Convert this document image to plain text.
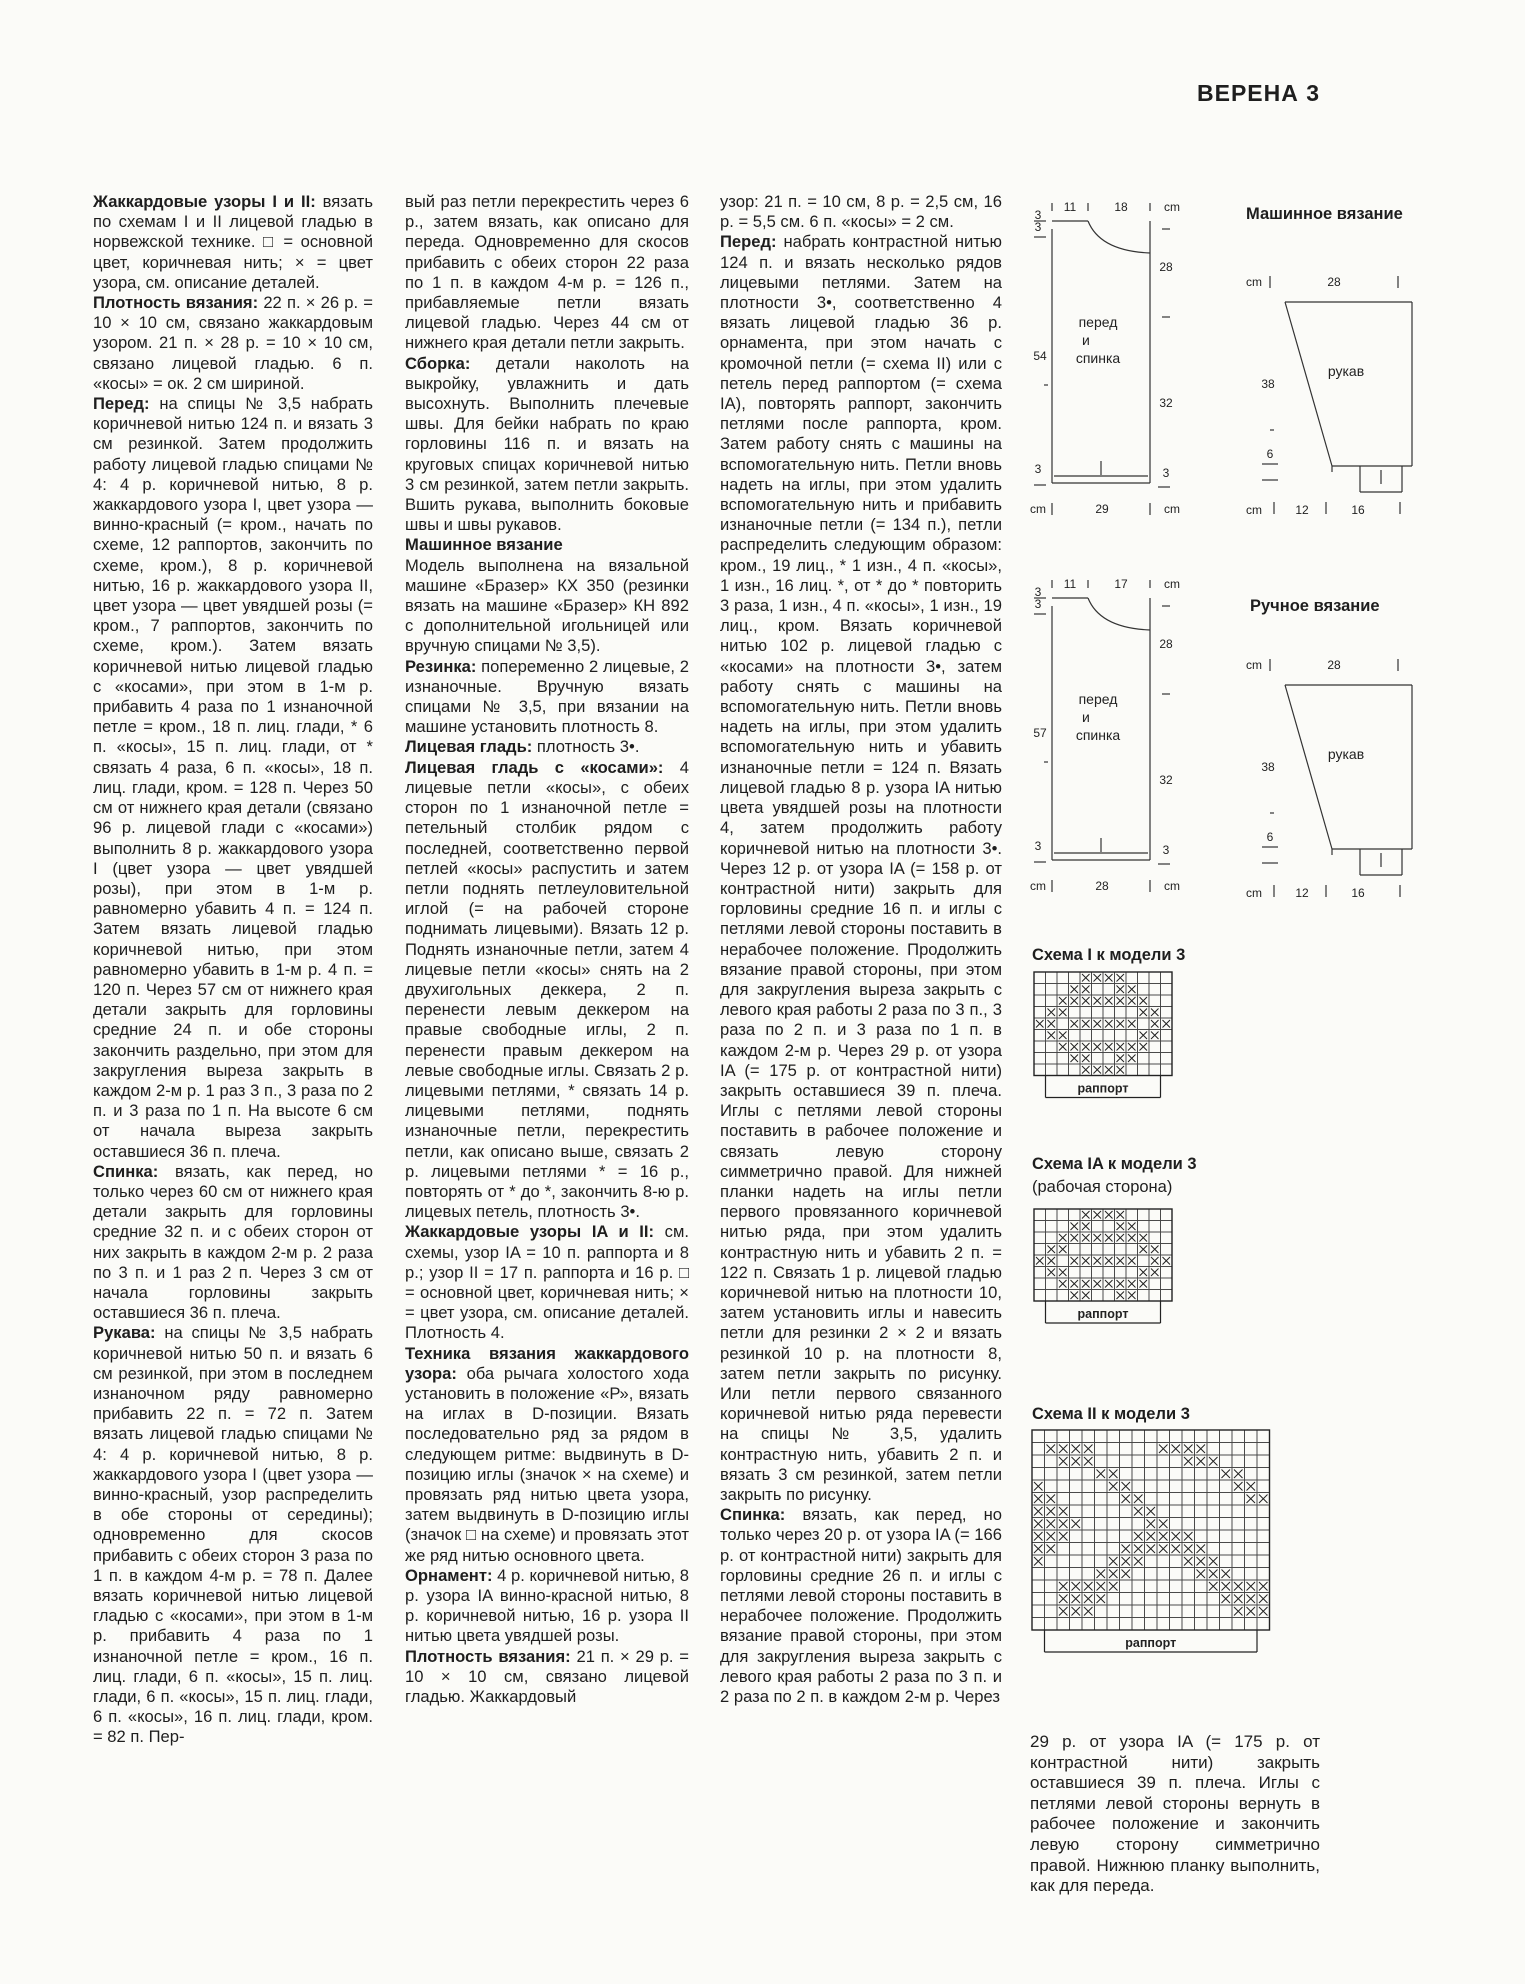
ВЕРЕНА 3

Жаккардовые узоры I и II: вязать по схемам I и II лицевой гладью в норвежской технике. □ = основной цвет, коричневая нить; × = цвет узора, см. описание деталей.

Плотность вязания: 22 п. × 26 р. = 10 × 10 см, связано жаккардовым узором. 21 п. × 28 р. = 10 × 10 см, связано лицевой гладью. 6 п. «косы» = ок. 2 см шириной.

Перед: на спицы № 3,5 набрать коричневой нитью 124 п. и вязать 3 см резинкой. Затем продолжить работу лицевой гладью спицами № 4: 4 р. коричневой нитью, 8 р. жаккардового узора I, цвет узора — винно-красный (= кром., начать по схеме, 12 раппортов, закончить по схеме, кром.), 8 р. коричневой нитью, 16 р. жаккардового узора II, цвет узора — цвет увядшей розы (= кром., 7 раппортов, закончить по схеме, кром.). Затем вязать коричневой нитью лицевой гладью с «косами», при этом в 1-м р. прибавить 4 раза по 1 изнаночной петле = кром., 18 п. лиц. глади, * 6 п. «косы», 15 п. лиц. глади, от * связать 4 раза, 6 п. «косы», 18 п. лиц. глади, кром. = 128 п. Через 50 см от нижнего края детали (связано 96 р. лицевой глади с «косами») выполнить 8 р. жаккардового узора I (цвет узора — цвет увядшей розы), при этом в 1-м р. равномерно убавить 4 п. = 124 п. Затем вязать лицевой гладью коричневой нитью, при этом равномерно убавить в 1-м р. 4 п. = 120 п. Через 57 см от нижнего края детали закрыть для горловины средние 24 п. и обе стороны закончить раздельно, при этом для закругления выреза закрыть в каждом 2-м р. 1 раз 3 п., 3 раза по 2 п. и 3 раза по 1 п. На высоте 6 см от начала выреза закрыть оставшиеся 36 п. плеча.

Спинка: вязать, как перед, но только через 60 см от нижнего края детали закрыть для горловины средние 32 п. и с обеих сторон от них закрыть в каждом 2-м р. 2 раза по 3 п. и 1 раз 2 п. Через 3 см от начала горловины закрыть оставшиеся 36 п. плеча.

Рукава: на спицы № 3,5 набрать коричневой нитью 50 п. и вязать 6 см резинкой, при этом в последнем изнаночном ряду равномерно прибавить 22 п. = 72 п. Затем вязать лицевой гладью спицами № 4: 4 р. коричневой нитью, 8 р. жаккардового узора I (цвет узора — винно-красный, узор распределить в обе стороны от середины); одновременно для скосов прибавить с обеих сторон 3 раза по 1 п. в каждом 4-м р. = 78 п. Далее вязать коричневой нитью лицевой гладью с «косами», при этом в 1-м р. прибавить 4 раза по 1 изнаночной петле = кром., 16 п. лиц. глади, 6 п. «косы», 15 п. лиц. глади, 6 п. «косы», 15 п. лиц. глади, 6 п. «косы», 16 п. лиц. глади, кром. = 82 п. Пер-

вый раз петли перекрестить через 6 р., затем вязать, как описано для переда. Одновременно для скосов прибавить с обеих сторон 22 раза по 1 п. в каждом 4-м р. = 126 п., прибавляемые петли вязать лицевой гладью. Через 44 см от нижнего края детали петли закрыть.

Сборка: детали наколоть на выкройку, увлажнить и дать высохнуть. Выполнить плечевые швы. Для бейки набрать по краю горловины 116 п. и вязать на круговых спицах коричневой нитью 3 см резинкой, затем петли закрыть. Вшить рукава, выполнить боковые швы и швы рукавов.

Машинное вязание

Модель выполнена на вязальной машине «Бразер» КХ 350 (резинки вязать на машине «Бразер» КН 892 с дополнительной игольницей или вручную спицами № 3,5).

Резинка: попеременно 2 лицевые, 2 изнаночные. Вручную вязать спицами № 3,5, при вязании на машине установить плотность 8.

Лицевая гладь: плотность 3•.

Лицевая гладь с «косами»: 4 лицевые петли «косы», с обеих сторон по 1 изнаночной петле = петельный столбик рядом с последней, соответственно первой петлей «косы» распустить и затем петли поднять петлеуловительной иглой (= на рабочей стороне поднимать лицевыми). Вязать 12 р. Поднять изнаночные петли, затем 4 лицевые петли «косы» снять на 2 двухигольных деккера, 2 п. перенести левым деккером на правые свободные иглы, 2 п. перенести правым деккером на левые свободные иглы. Связать 2 р. лицевыми петлями, * связать 14 р. лицевыми петлями, поднять изнаночные петли, перекрестить петли, как описано выше, связать 2 р. лицевыми петлями * = 16 р., повторять от * до *, закончить 8-ю р. лицевых петель, плотность 3•.

Жаккардовые узоры IA и II: см. схемы, узор IA = 10 п. раппорта и 8 р.; узор II = 17 п. раппорта и 16 р. □ = основной цвет, коричневая нить; × = цвет узора, см. описание деталей. Плотность 4.

Техника вязания жаккардового узора: оба рычага холостого хода установить в положение «Р», вязать на иглах в D-позиции. Вязать последовательно ряд за рядом в следующем ритме: выдвинуть в D-позицию иглы (значок × на схеме) и провязать ряд нитью цвета узора, затем выдвинуть в D-позицию иглы (значок □ на схеме) и провязать этот же ряд нитью основного цвета.

Орнамент: 4 р. коричневой нитью, 8 р. узора IA винно-красной нитью, 8 р. коричневой нитью, 16 р. узора II нитью цвета увядшей розы.

Плотность вязания: 21 п. × 29 р. = 10 × 10 см, связано лицевой гладью. Жаккардовый

узор: 21 п. = 10 см, 8 р. = 2,5 см, 16 р. = 5,5 см. 6 п. «косы» = 2 см.

Перед: набрать контрастной нитью 124 п. и вязать несколько рядов лицевыми петлями. Затем на плотности 3•, соответственно 4 вязать лицевой гладью 36 р. орнамента, при этом начать с кромочной петли (= схема II) или с петель перед раппортом (= схема IA), повторять раппорт, закончить петлями после раппорта, кром. Затем работу снять с машины на вспомогательную нить. Петли вновь надеть на иглы, при этом удалить вспомогательную нить и прибавить изнаночные петли (= 134 п.), петли распределить следующим образом: кром., 19 лиц., * 1 изн., 4 п. «косы», 1 изн., 16 лиц. *, от * до * повторить 3 раза, 1 изн., 4 п. «косы», 1 изн., 19 лиц., кром. Вязать коричневой нитью 102 р. лицевой гладью с «косами» на плотности 3•, затем работу снять с машины на вспомогательную нить. Петли вновь надеть на иглы, при этом удалить вспомогательную нить и убавить изнаночные петли = 124 п. Вязать лицевой гладью 8 р. узора IA нитью цвета увядшей розы на плотности 4, затем продолжить работу коричневой нитью на плотности 3•. Через 12 р. от узора IA (= 158 р. от контрастной нити) закрыть для горловины средние 16 п. и иглы с петлями левой стороны поставить в нерабочее положение. Продолжить вязание правой стороны, при этом для закругления выреза закрыть с левого края работы 2 раза по 3 п., 3 раза по 2 п. и 3 раза по 1 п. в каждом 2-м р. Через 29 р. от узора IA (= 175 р. от контрастной нити) закрыть оставшиеся 39 п. плеча. Иглы с петлями левой стороны поставить в рабочее положение и связать левую сторону симметрично правой. Для нижней планки надеть на иглы петли первого провязанного коричневой нитью ряда, при этом удалить контрастную нить и убавить 2 п. = 122 п. Связать 1 р. лицевой гладью коричневой нитью на плотности 10, затем установить иглы и навесить петли для резинки 2 × 2 и вязать резинкой 10 р. на плотности 8, затем петли закрыть по рисунку. Или петли первого связанного коричневой нитью ряда перевести на спицы № 3,5, удалить контрастную нить, убавить 2 п. и вязать 3 см резинкой, затем петли закрыть по рисунку.

Спинка: вязать, как перед, но только через 20 р. от узора IA (= 166 р. от контрастной нити) закрыть для горловины средние 26 п. и иглы с петлями левой стороны поставить в нерабочее положение. Продолжить вязание правой стороны, при этом для закругления выреза закрыть с левого края работы 2 раза по 3 п. и 2 раза по 2 п. в каждом 2-м р. Через

29 р. от узора IA (= 175 р. от контрастной нити) закрыть оставшиеся 39 п. плеча. Иглы с петлями левой стороны вернуть в рабочее положение и закончить левую сторону симметрично правой. Нижнюю планку выполнить, как для переда.

Машинное вязание
11	18	cm
3
3
54
3
28
32
3
перед
и
спинка
cm	29	cm
cm	28
38
рукав
6
cm	12	16
Ручное вязание
11	17	cm
3
3
57
3
28
32
3
перед
и
спинка
cm	28	cm
cm	28
38
рукав
6
cm	12	16
Схема I к модели 3
раппорт
Схема IA к модели 3
(рабочая сторона)
раппорт
Схема II к модели 3
раппорт
